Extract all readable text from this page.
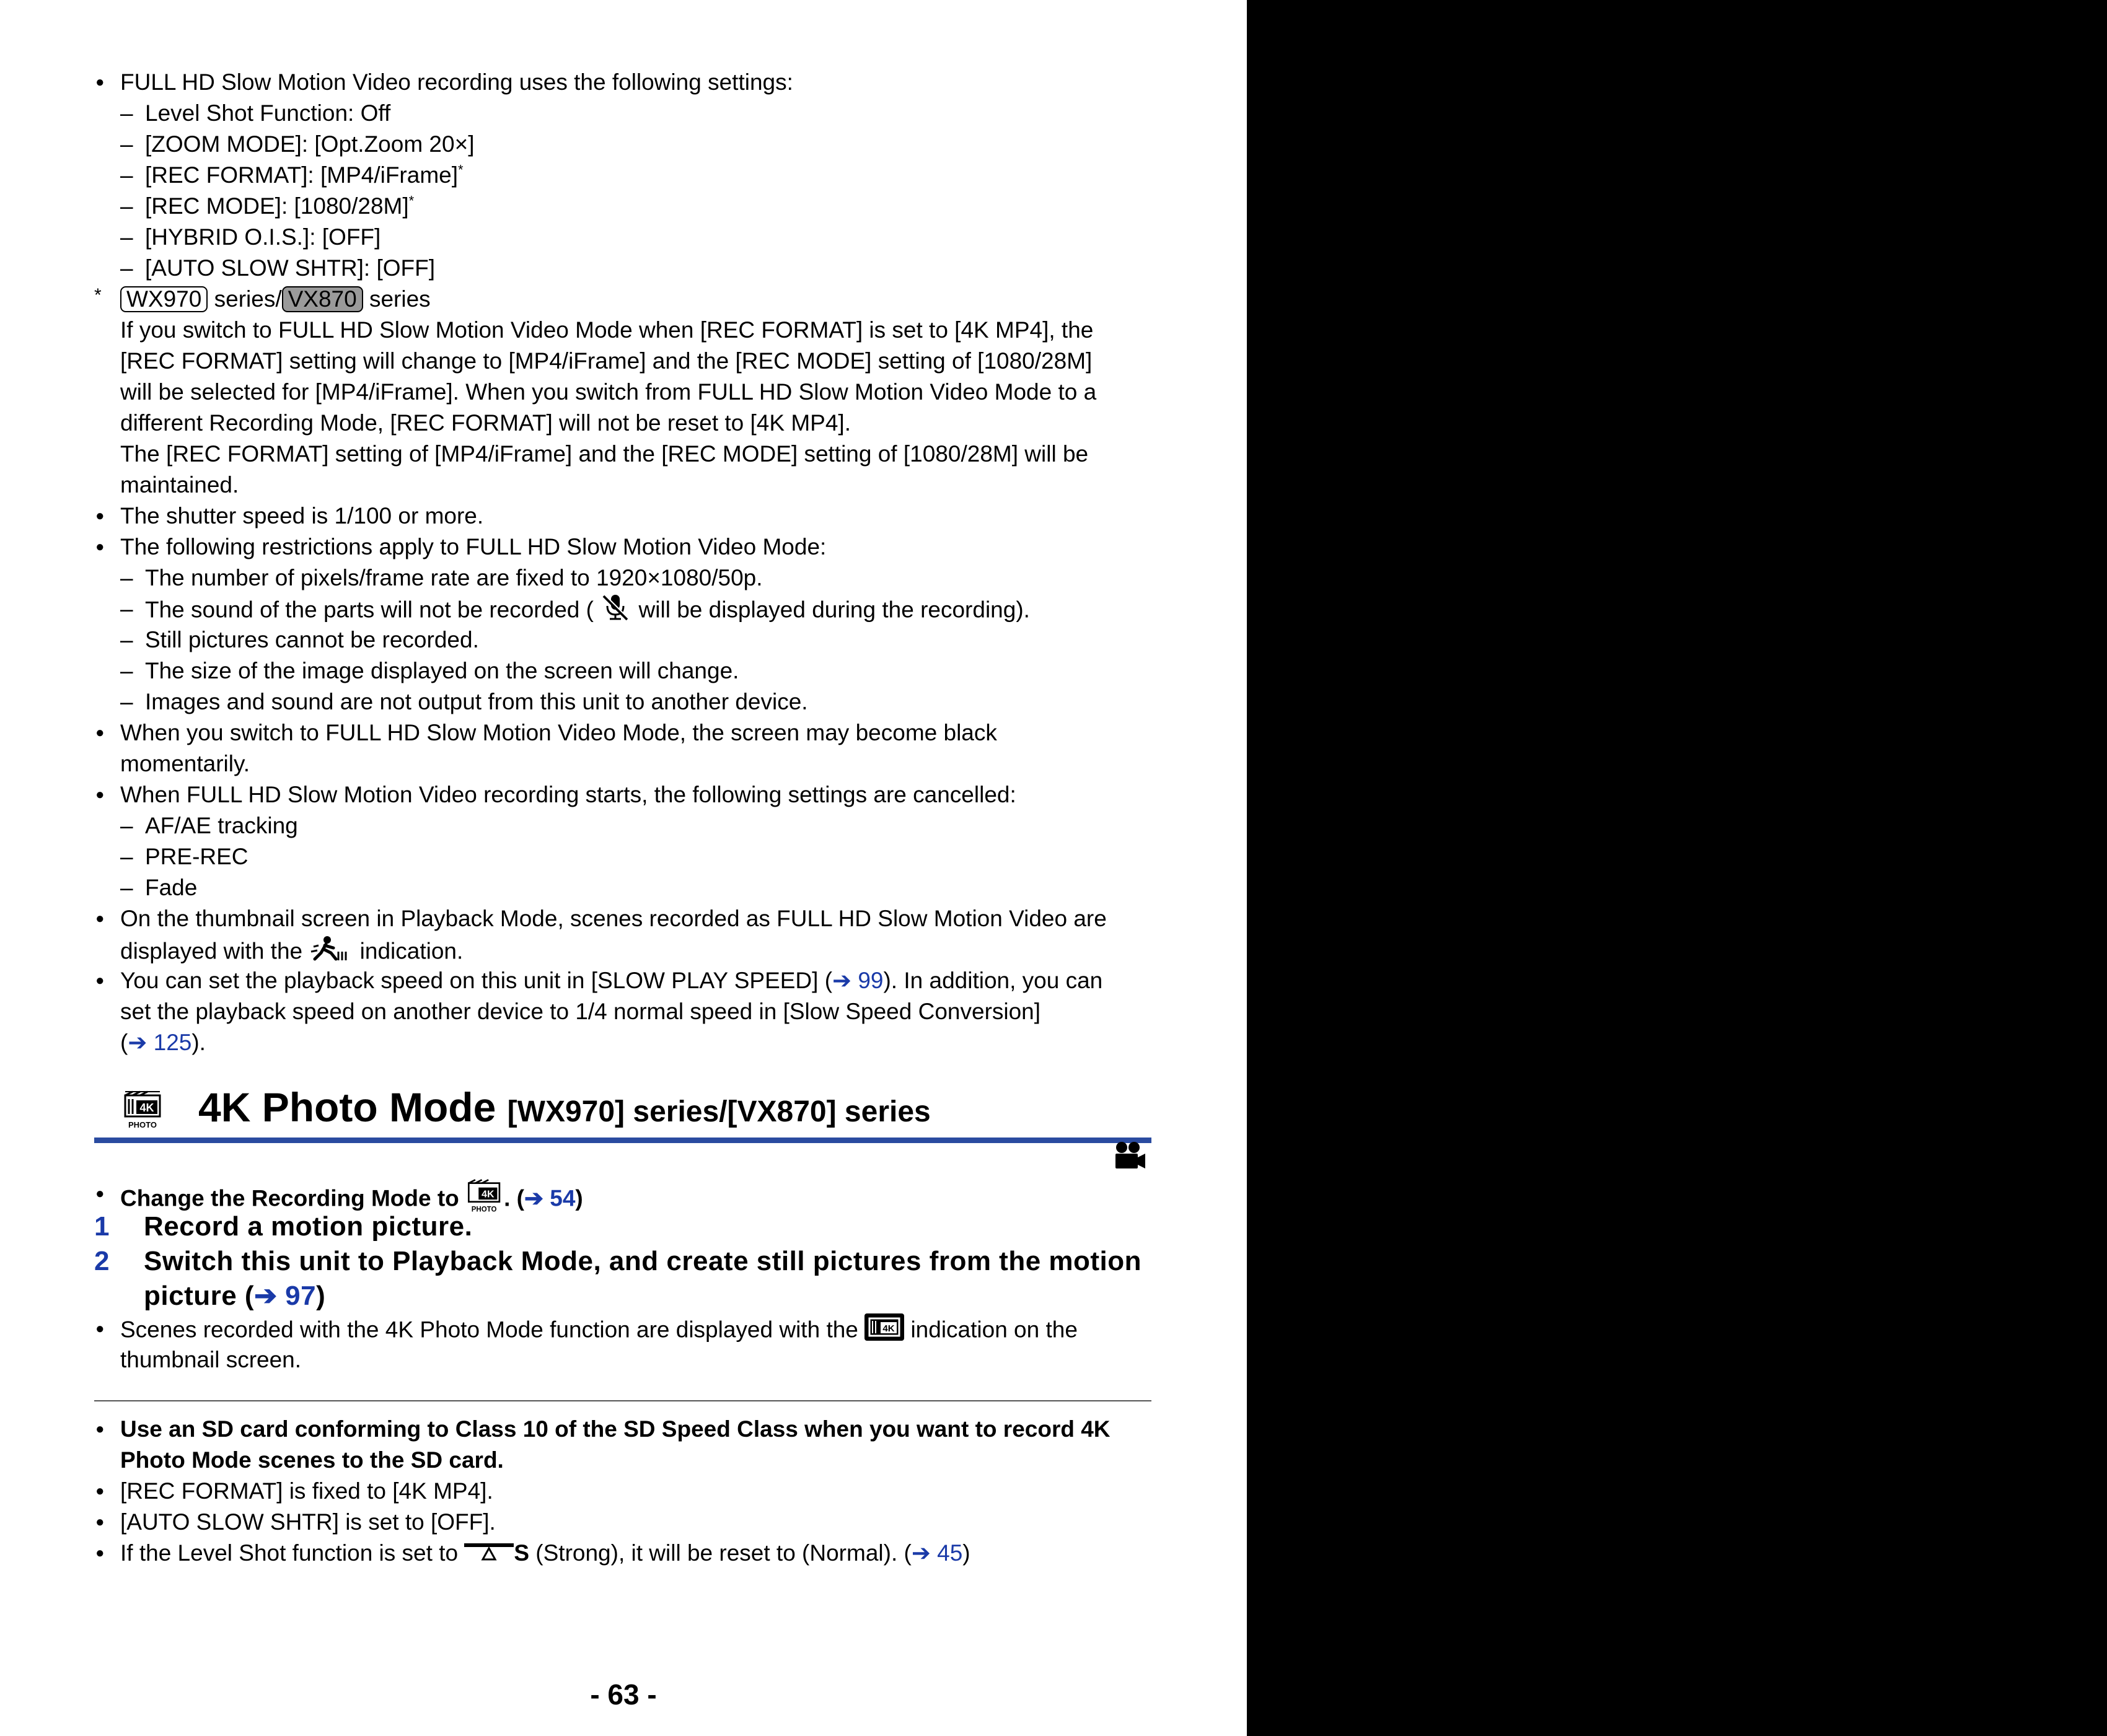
● FULL HD Slow Motion Video recording uses the following settings:
– Level Shot Function: Off
– [ZOOM MODE]: [Opt.Zoom 20×]
– [REC FORMAT]: [MP4/iFrame]*
– [REC MODE]: [1080/28M]*
– [HYBRID O.I.S.]: [OFF]
– [AUTO SLOW SHTR]: [OFF]
* WX970 series/ VX870 series
If you switch to FULL HD Slow Motion Video Mode when [REC FORMAT] is set to [4K MP4], the
[REC FORMAT] setting will change to [MP4/iFrame] and the [REC MODE] setting of [1080/28M]
will be selected for [MP4/iFrame]. When you switch from FULL HD Slow Motion Video Mode to a
different Recording Mode, [REC FORMAT] will not be reset to [4K MP4].
The [REC FORMAT] setting of [MP4/iFrame] and the [REC MODE] setting of [1080/28M] will be
maintained.
● The shutter speed is 1/100 or more.
● The following restrictions apply to FULL HD Slow Motion Video Mode:
– The number of pixels/frame rate are fixed to 1920×1080/50p.
– The sound of the parts will not be recorded (  will be displayed during the recording).
– Still pictures cannot be recorded.
– The size of the image displayed on the screen will change.
– Images and sound are not output from this unit to another device.
● When you switch to FULL HD Slow Motion Video Mode, the screen may become black
momentarily.
● When FULL HD Slow Motion Video recording starts, the following settings are cancelled:
– AF/AE tracking
– PRE-REC
– Fade
● On the thumbnail screen in Playback Mode, scenes recorded as FULL HD Slow Motion Video are
displayed with the  indication.
● You can set the playback speed on this unit in [SLOW PLAY SPEED] (➔ 99). In addition, you can
set the playback speed on another device to 1/4 normal speed in [Slow Speed Conversion]
(➔ 125).
4K
PHOTO 4K Photo Mode [WX970] series/[VX870] series
● Change the Recording Mode to 4K
PHOTO . (➔ 54)
1 Record a motion picture.
2 Switch this unit to Playback Mode, and create still pictures from the motion
picture (➔ 97)
● Scenes recorded with the 4K Photo Mode function are displayed with the 4K indication on the
thumbnail screen.
● Use an SD card conforming to Class 10 of the SD Speed Class when you want to record 4K
Photo Mode scenes to the SD card.
● [REC FORMAT] is fixed to [4K MP4].
● [AUTO SLOW SHTR] is set to [OFF].
● If the Level Shot function is set to S (Strong), it will be reset to (Normal). (➔ 45)
- 63 -
